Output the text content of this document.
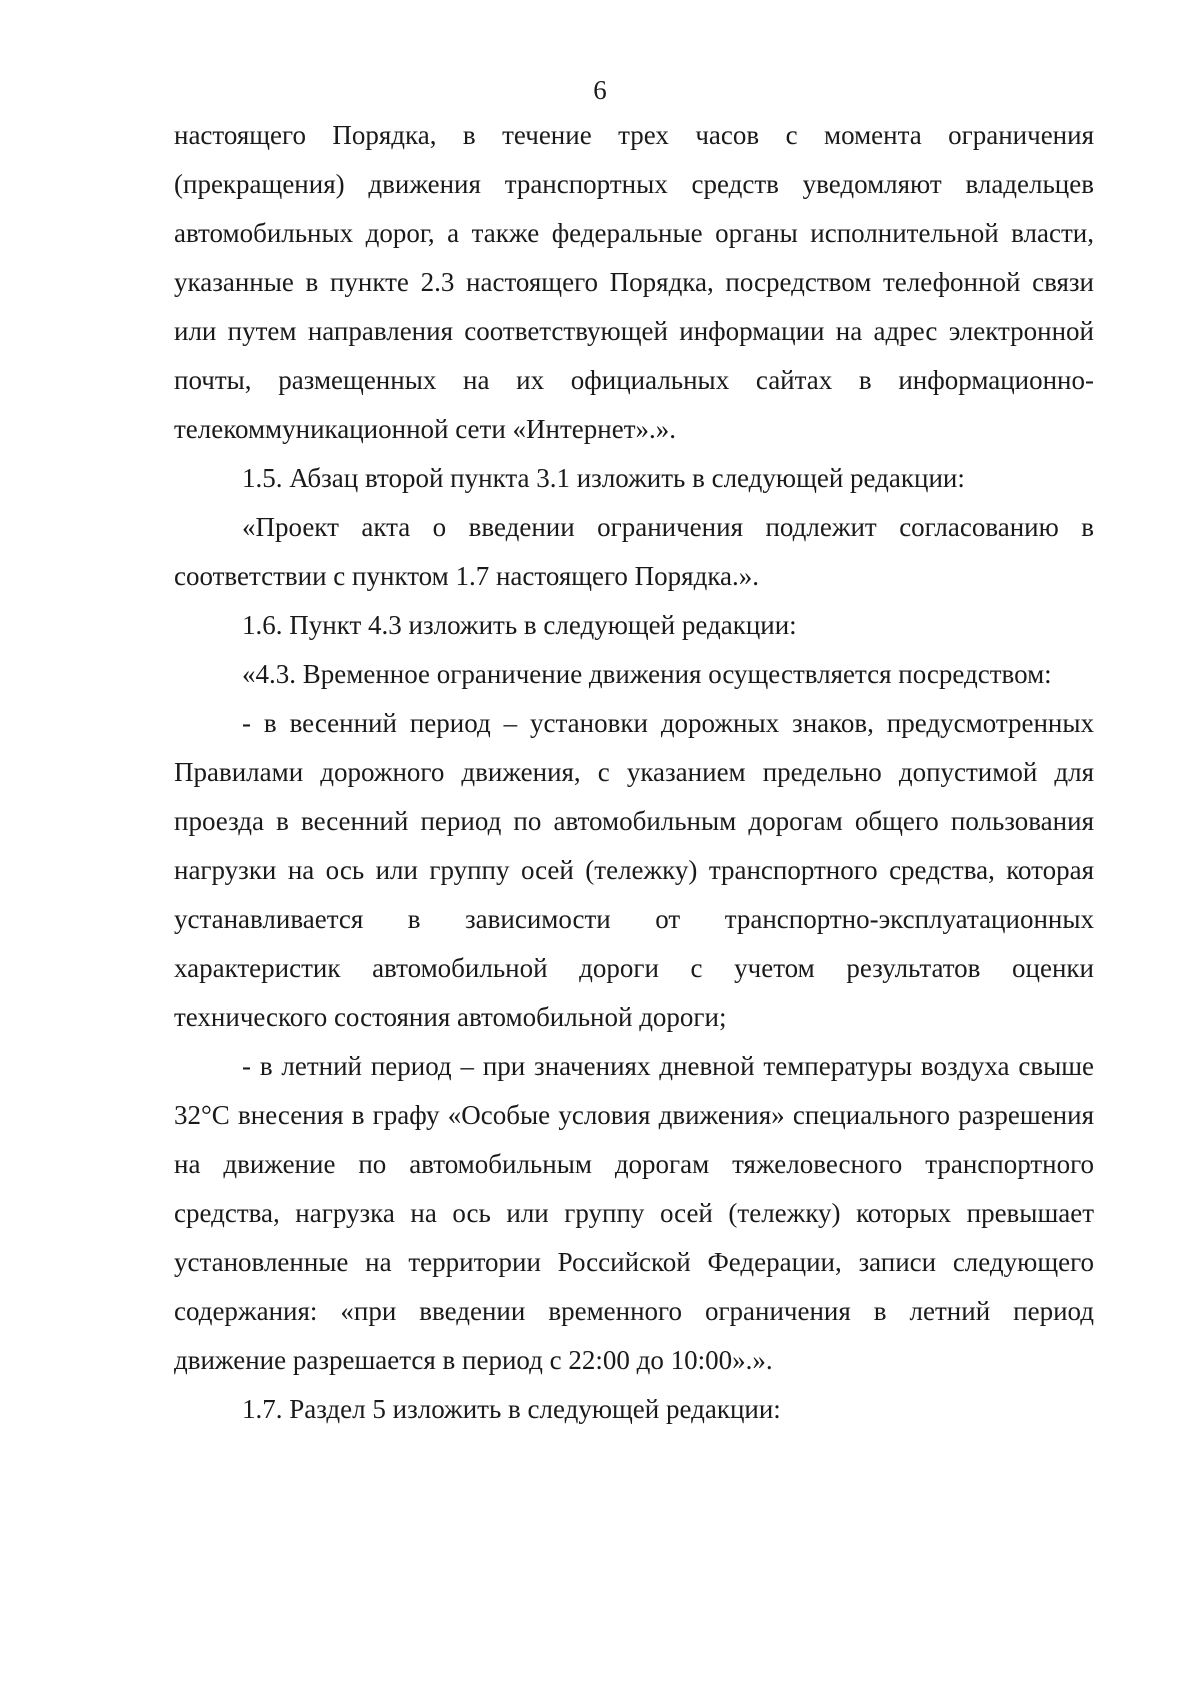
6

настоящего Порядка, в течение трех часов с момента ограничения (прекращения) движения транспортных средств уведомляют владельцев автомобильных дорог, а также федеральные органы исполнительной власти, указанные в пункте 2.3 настоящего Порядка, посредством телефонной связи или путем направления соответствующей информации на адрес электронной почты, размещенных на их официальных сайтах в информационно-телекоммуникационной сети «Интернет».».

1.5. Абзац второй пункта 3.1 изложить в следующей редакции:

«Проект акта о введении ограничения подлежит согласованию в соответствии с пунктом 1.7 настоящего Порядка.».

1.6. Пункт 4.3 изложить в следующей редакции:

«4.3. Временное ограничение движения осуществляется посредством:

- в весенний период – установки дорожных знаков, предусмотренных Правилами дорожного движения, с указанием предельно допустимой для проезда в весенний период по автомобильным дорогам общего пользования нагрузки на ось или группу осей (тележку) транспортного средства, которая устанавливается в зависимости от транспортно-эксплуатационных характеристик автомобильной дороги с учетом результатов оценки технического состояния автомобильной дороги;

- в летний период – при значениях дневной температуры воздуха свыше 32°С внесения в графу «Особые условия движения» специального разрешения на движение по автомобильным дорогам тяжеловесного транспортного средства, нагрузка на ось или группу осей (тележку) которых превышает установленные на территории Российской Федерации, записи следующего содержания: «при введении временного ограничения в летний период движение разрешается в период с 22:00 до 10:00».».

1.7. Раздел 5 изложить в следующей редакции:
